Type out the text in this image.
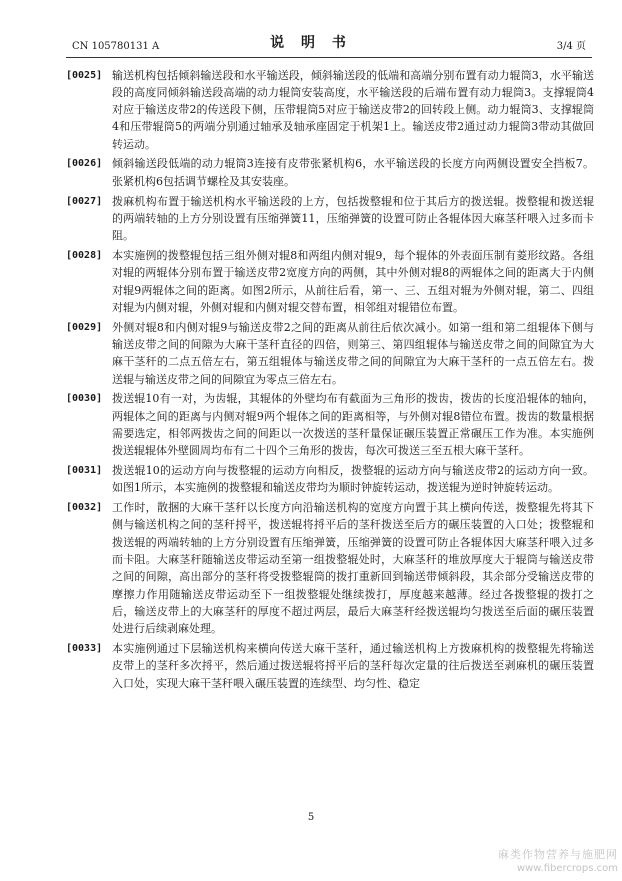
CN 105780131 A	说 明 书	3/4 页
[0025] 输送机构包括倾斜输送段和水平输送段，倾斜输送段的低端和高端分别布置有动力辊筒3，水平输送段的高度同倾斜输送段高端的动力辊筒安装高度，水平输送段的后端布置有动力辊筒3。支撑辊筒4对应于输送皮带2的传送段下侧，压带辊筒5对应于输送皮带2的回转段上侧。动力辊筒3、支撑辊筒4和压带辊筒5的两端分别通过轴承及轴承座固定于机架1上。输送皮带2通过动力辊筒3带动其做回转运动。
[0026] 倾斜输送段低端的动力辊筒3连接有皮带张紧机构6，水平输送段的长度方向两侧设置安全挡板7。张紧机构6包括调节螺栓及其安装座。
[0027] 拨麻机构布置于输送机构水平输送段的上方，包括拨整辊和位于其后方的拨送辊。拨整辊和拨送辊的两端转轴的上方分别设置有压缩弹簧11，压缩弹簧的设置可防止各辊体因大麻茎秆喂入过多而卡阻。
[0028] 本实施例的拨整辊包括三组外侧对辊8和两组内侧对辊9，每个辊体的外表面压制有菱形纹路。各组对辊的两辊体分别布置于输送皮带2宽度方向的两侧，其中外侧对辊8的两辊体之间的距离大于内侧对辊9两辊体之间的距离。如图2所示，从前往后看，第一、三、五组对辊为外侧对辊，第二、四组对辊为内侧对辊，外侧对辊和内侧对辊交替布置，相邻组对辊错位布置。
[0029] 外侧对辊8和内侧对辊9与输送皮带2之间的距离从前往后依次减小。如第一组和第二组辊体下侧与输送皮带之间的间隙为大麻干茎秆直径的四倍，则第三、第四组辊体与输送皮带之间的间隙宜为大麻干茎秆的二点五倍左右，第五组辊体与输送皮带之间的间隙宜为大麻干茎秆的一点五倍左右。拨送辊与输送皮带之间的间隙宜为零点三倍左右。
[0030] 拨送辊10有一对，为齿辊，其辊体的外壁均布有截面为三角形的拨齿，拨齿的长度沿辊体的轴向，两辊体之间的距离与内侧对辊9两个辊体之间的距离相等，与外侧对辊8错位布置。拨齿的数量根据需要选定，相邻两拨齿之间的间距以一次拨送的茎秆量保证碾压装置正常碾压工作为准。本实施例拨送辊辊体外壁圆周均布有二十四个三角形的拨齿，每次可拨送三至五根大麻干茎秆。
[0031] 拨送辊10的运动方向与拨整辊的运动方向相反，拨整辊的运动方向与输送皮带2的运动方向一致。如图1所示，本实施例的拨整辊和输送皮带均为顺时钟旋转运动，拨送辊为逆时钟旋转运动。
[0032] 工作时，散捆的大麻干茎秆以长度方向沿输送机构的宽度方向置于其上横向传送，拨整辊先将其下侧与输送机构之间的茎秆捋平，拨送辊将捋平后的茎秆拨送至后方的碾压装置的入口处；拨整辊和拨送辊的两端转轴的上方分别设置有压缩弹簧，压缩弹簧的设置可防止各辊体因大麻茎秆喂入过多而卡阻。大麻茎秆随输送皮带运动至第一组拨整辊处时，大麻茎秆的堆放厚度大于辊筒与输送皮带之间的间隙，高出部分的茎秆将受拨整辊筒的拨打重新回到输送带倾斜段，其余部分受输送皮带的摩擦力作用随输送皮带运动至下一组拨整辊处继续拨打，厚度越来越薄。经过各拨整辊的拨打之后，输送皮带上的大麻茎秆的厚度不超过两层，最后大麻茎秆经拨送辊均匀拨送至后面的碾压装置处进行后续剥麻处理。
[0033] 本实施例通过下层输送机构来横向传送大麻干茎秆，通过输送机构上方拨麻机构的拨整辊先将输送皮带上的茎秆多次捋平，然后通过拨送辊将捋平后的茎秆每次定量的往后拨送至剥麻机的碾压装置入口处，实现大麻干茎秆喂入碾压装置的连续型、均匀性、稳定
5
麻类作物营养与施肥网
www.fibercrops.com
